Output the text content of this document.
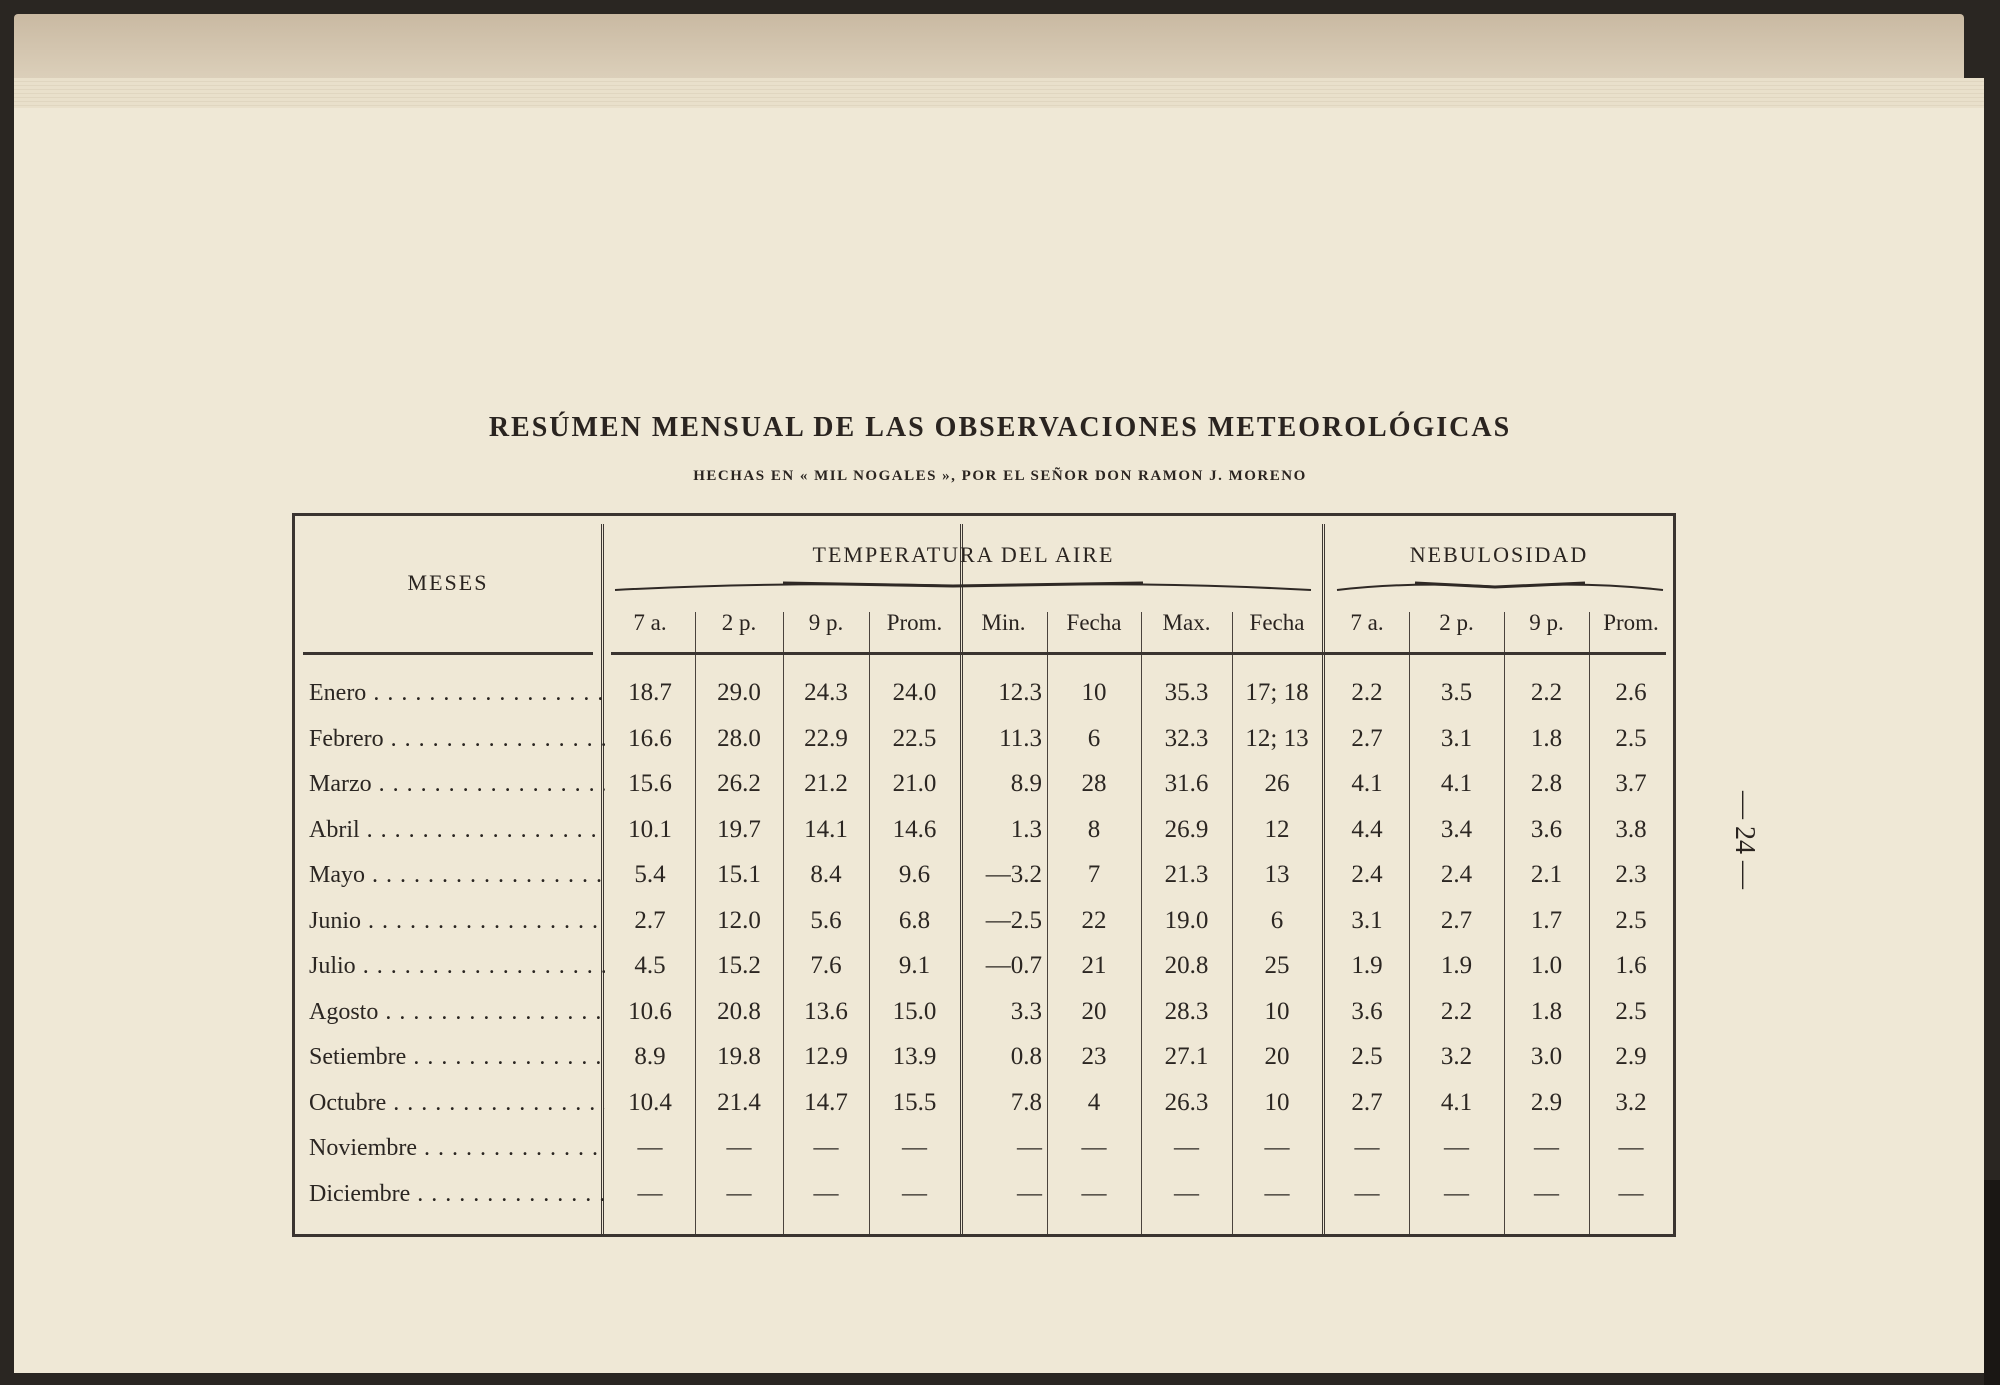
RESÚMEN MENSUAL DE LAS OBSERVACIONES METEOROLÓGICAS
HECHAS EN « MIL NOGALES », POR EL SEÑOR DON RAMON J. MORENO
MESES
TEMPERATURA DEL AIRE	NEBULOSIDAD
7 a.	2 p.	9 p.	Prom.	Min.	Fecha	Max.	Fecha	7 a.	2 p.	9 p.	Prom.
Enero . . .	18.7	29.0	24.3	24.0	12.3	10	35.3	17; 18	2.2	3.5	2.2	2.6
Febrero . . .	16.6	28.0	22.9	22.5	11.3	6	32.3	12; 13	2.7	3.1	1.8	2.5
Marzo . . .	15.6	26.2	21.2	21.0	8.9	28	31.6	26	4.1	4.1	2.8	3.7
Abril . . .	10.1	19.7	14.1	14.6	1.3	8	26.9	12	4.4	3.4	3.6	3.8
Mayo . . .	5.4	15.1	8.4	9.6	—3.2	7	21.3	13	2.4	2.4	2.1	2.3
Junio . . .	2.7	12.0	5.6	6.8	—2.5	22	19.0	6	3.1	2.7	1.7	2.5
Julio . . .	4.5	15.2	7.6	9.1	—0.7	21	20.8	25	1.9	1.9	1.0	1.6
Agosto . . .	10.6	20.8	13.6	15.0	3.3	20	28.3	10	3.6	2.2	1.8	2.5
Setiembre . . .	8.9	19.8	12.9	13.9	0.8	23	27.1	20	2.5	3.2	3.0	2.9
Octubre . . .	10.4	21.4	14.7	15.5	7.8	4	26.3	10	2.7	4.1	2.9	3.2
Noviembre . . .	—	—	—	—	—	—	—	—	—	—	—	—
Diciembre . . .	—	—	—	—	—	—	—	—	—	—	—	—
— 24 —
